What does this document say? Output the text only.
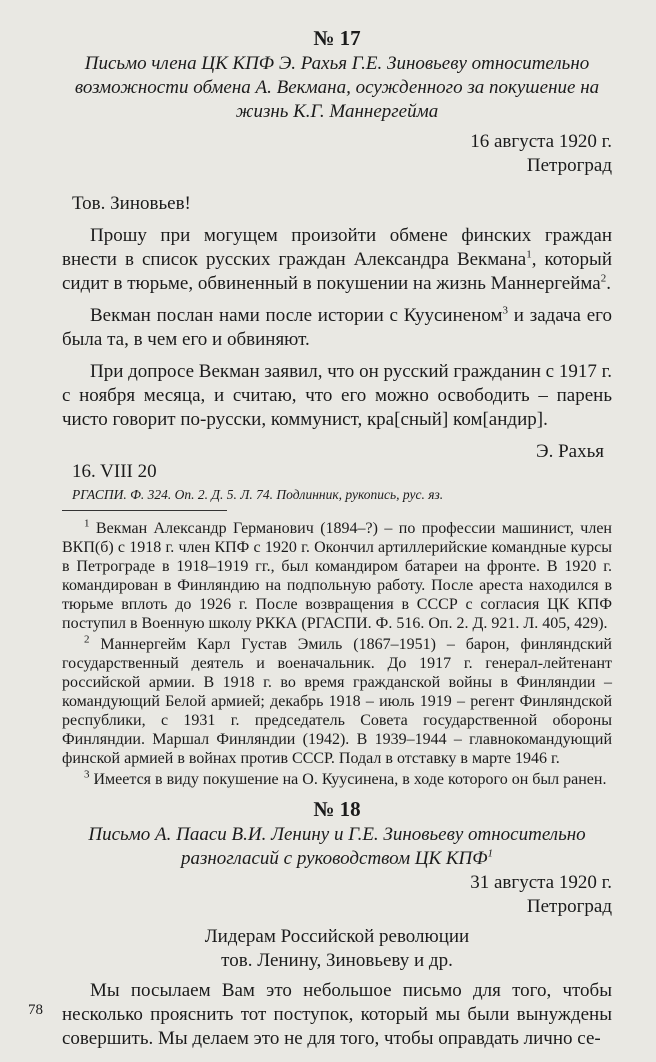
№ 17
Письмо члена ЦК КПФ Э. Рахья Г.Е. Зиновьеву относительно возможности обмена А. Векмана, осужденного за покушение на жизнь К.Г. Маннергейма
16 августа 1920 г.
Петроград
Тов. Зиновьев!

Прошу при могущем произойти обмене финских граждан внести в список русских граждан Александра Векмана$^1$, который сидит в тюрьме, обвиненный в покушении на жизнь Маннергейма$^2$.

Векман послан нами после истории с Куусиненом$^3$ и задача его была та, в чем его и обвиняют.

При допросе Векман заявил, что он русский гражданин с 1917 г. с ноября месяца, и считаю, что его можно освободить – парень чисто говорит по-русски, коммунист, кра[сный] ком[андир].

Э. Рахья
16. VIII 20
РГАСПИ. Ф. 324. Оп. 2. Д. 5. Л. 74. Подлинник, рукопись, рус. яз.

$^1$ Векман Александр Германович (1894–?) – по профессии машинист, член ВКП(б) с 1918 г. член КПФ с 1920 г. Окончил артиллерийские командные курсы в Петрограде в 1918–1919 гг., был командиром батареи на фронте. В 1920 г. командирован в Финляндию на подпольную работу. После ареста находился в тюрьме вплоть до 1926 г. После возвращения в СССР с согласия ЦК КПФ поступил в Военную школу РККА (РГАСПИ. Ф. 516. Оп. 2. Д. 921. Л. 405, 429).

$^2$ Маннергейм Карл Густав Эмиль (1867–1951) – барон, финляндский государственный деятель и военачальник. До 1917 г. генерал-лейтенант российской армии. В 1918 г. во время гражданской войны в Финляндии – командующий Белой армией; декабрь 1918 – июль 1919 – регент Финляндской республики, с 1931 г. председатель Совета государственной обороны Финляндии. Маршал Финляндии (1942). В 1939–1944 – главнокомандующий финской армией в войнах против СССР. Подал в отставку в марте 1946 г.

$^3$ Имеется в виду покушение на О. Куусинена, в ходе которого он был ранен.

№ 18
Письмо А. Пааси В.И. Ленину и Г.Е. Зиновьеву относительно разногласий с руководством ЦК КПФ$^1$
31 августа 1920 г.
Петроград
Лидерам Российской революции
тов. Ленину, Зиновьеву и др.

Мы посылаем Вам это небольшое письмо для того, чтобы несколько прояснить тот поступок, который мы были вынуждены совершить. Мы делаем это не для того, чтобы оправдать лично се-

78
